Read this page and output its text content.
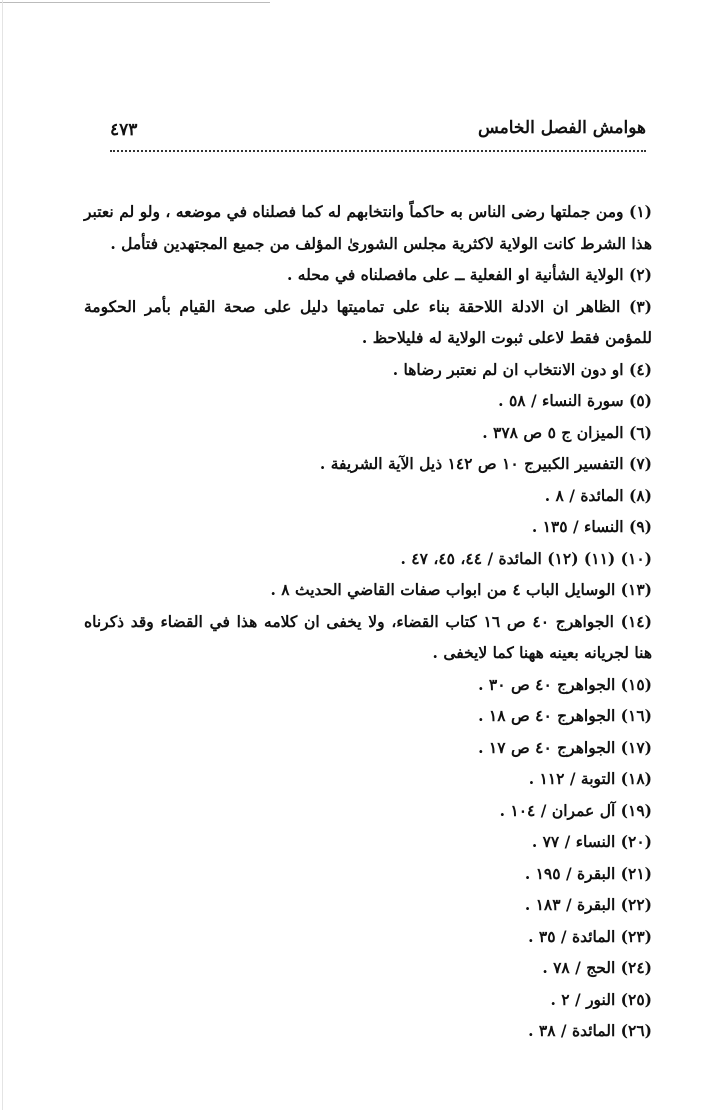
هوامش الفصل الخامس
٤٧٣

(١) ومن جملتها رضى الناس به حاكماً وانتخابهم له كما فصلناه في موضعه ، ولو لم نعتبر هذا الشرط كانت الولاية لاكثرية مجلس الشورىٰ المؤلف من جميع المجتهدين فتأمل .

(٢) الولاية الشأنية او الفعلية ــ على مافصلناه في محله .

(٣) الظاهر ان الادلة اللاحقة بناء على تماميتها دليل على صحة القيام بأمر الحكومة للمؤمن فقط لاعلى ثبوت الولاية له فليلاحظ .

(٤) او دون الانتخاب ان لم نعتبر رضاها .

(٥) سورة النساء / ٥٨ .

(٦) الميزان ج ٥ ص ٣٧٨ .

(٧) التفسير الكبيرج ١٠ ص ١٤٢ ذيل الآية الشريفة .

(٨) المائدة / ٨ .

(٩) النساء / ١٣٥ .

(١٠) (١١) (١٢) المائدة / ٤٤، ٤٥، ٤٧ .

(١٣) الوسايل الباب ٤ من ابواب صفات القاضي الحديث ٨ .

(١٤) الجواهرج ٤٠ ص ١٦ كتاب القضاء، ولا يخفى ان كلامه هذا في القضاء وقد ذكرناه هنا لجريانه بعينه ههنا كما لايخفى .

(١٥) الجواهرج ٤٠ ص ٣٠ .

(١٦) الجواهرج ٤٠ ص ١٨ .

(١٧) الجواهرج ٤٠ ص ١٧ .

(١٨) التوبة / ١١٢ .

(١٩) آل عمران / ١٠٤ .

(٢٠) النساء / ٧٧ .

(٢١) البقرة / ١٩٥ .

(٢٢) البقرة / ١٨٣ .

(٢٣) المائدة / ٣٥ .

(٢٤) الحج / ٧٨ .

(٢٥) النور / ٢ .

(٢٦) المائدة / ٣٨ .
